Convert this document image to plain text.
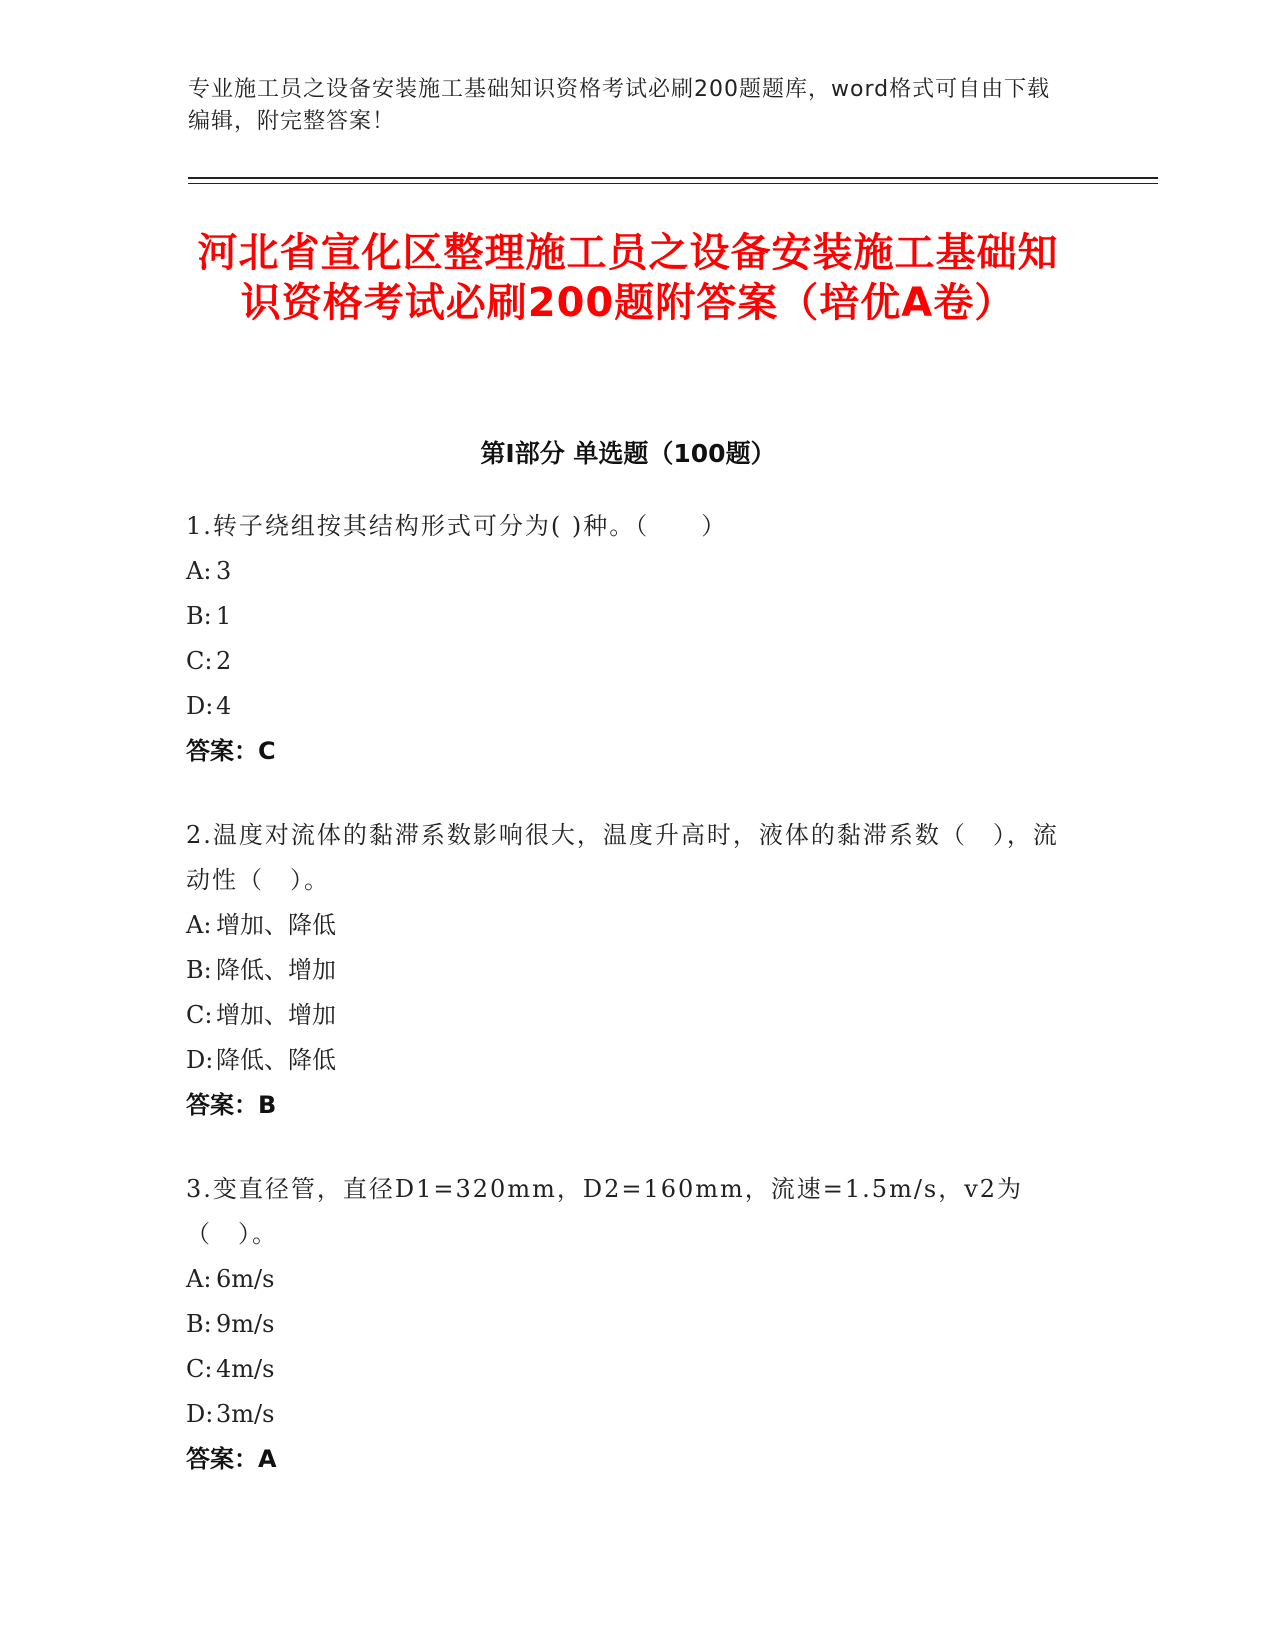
专业施工员之设备安装施工基础知识资格考试必刷200题题库，word格式可自由下载编辑，附完整答案！
河北省宣化区整理施工员之设备安装施工基础知识资格考试必刷200题附答案（培优A卷）
第Ⅰ部分 单选题（100题）
1.转子绕组按其结构形式可分为( )种。（　　）
A: 3
B: 1
C: 2
D: 4
答案：C
2.温度对流体的黏滞系数影响很大，温度升高时，液体的黏滞系数（　），流动性（　）。
A: 增加、降低
B: 降低、增加
C: 增加、增加
D: 降低、降低
答案：B
3.变直径管，直径D1=320mm，D2=160mm，流速=1.5m/s，v2为（　）。
A: 6m/s
B: 9m/s
C: 4m/s
D: 3m/s
答案：A
